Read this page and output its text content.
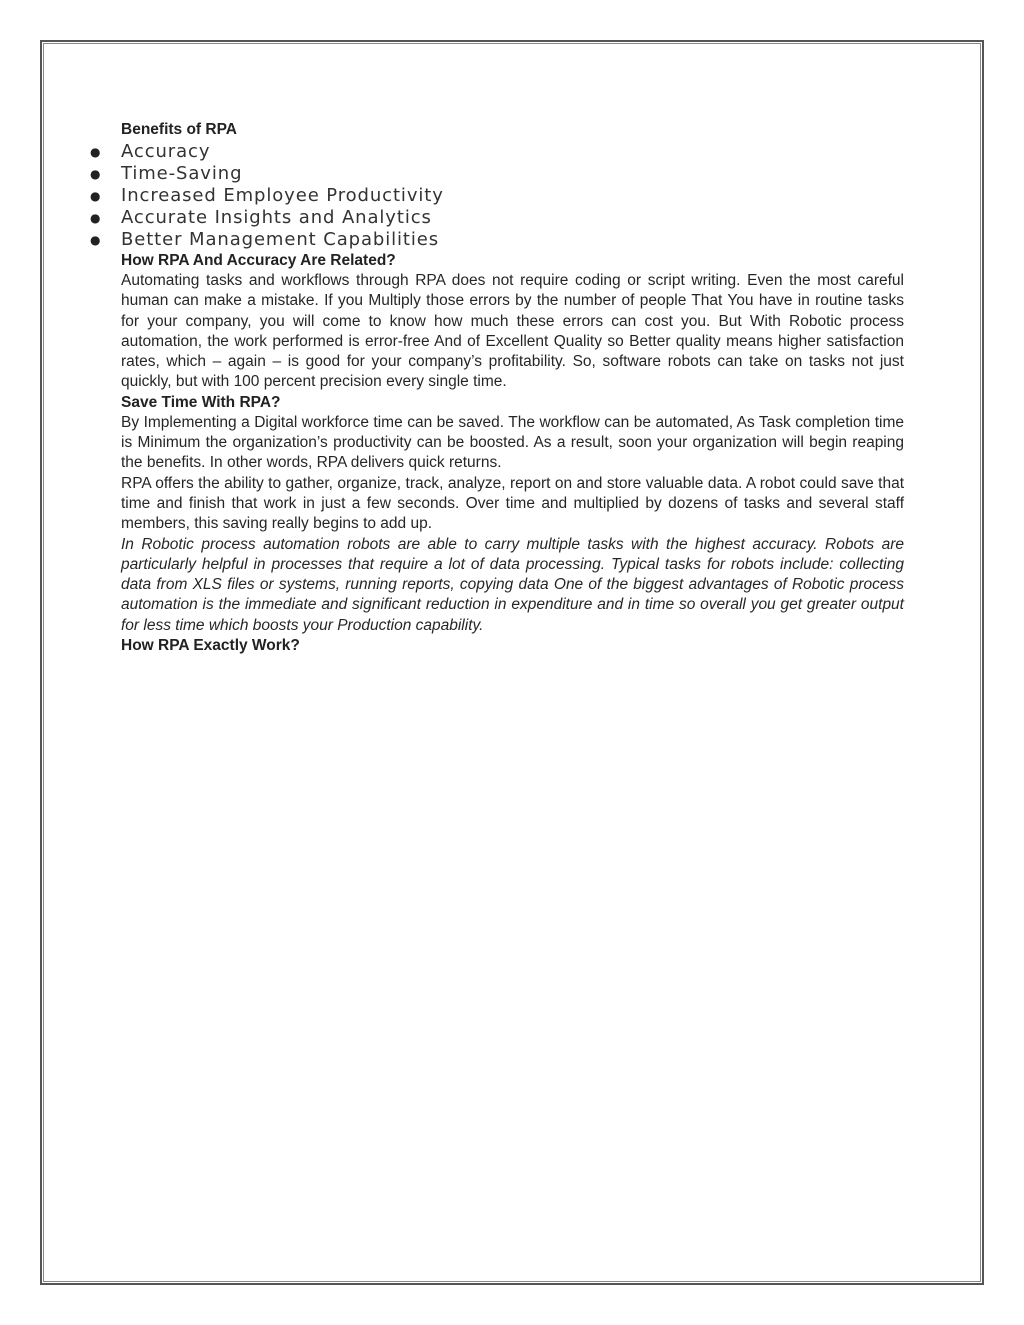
Benefits of RPA
● Accuracy
● Time-Saving
● Increased Employee Productivity
● Accurate Insights and Analytics
● Better Management Capabilities
How RPA And Accuracy Are Related?

Automating tasks and workflows through RPA does not require coding or script writing. Even the most careful human can make a mistake. If you Multiply those errors by the number of people That You have in routine tasks for your company, you will come to know how much these errors can cost you. But With Robotic process automation, the work performed is error-free And of Excellent Quality so Better quality means higher satisfaction rates, which – again – is good for your company’s profitability. So, software robots can take on tasks not just quickly, but with 100 percent precision every single time.

Save Time With RPA?

By Implementing a Digital workforce time can be saved. The workflow can be automated, As Task completion time is Minimum the organization’s productivity can be boosted. As a result, soon your organization will begin reaping the benefits. In other words, RPA delivers quick returns.

RPA offers the ability to gather, organize, track, analyze, report on and store valuable data. A robot could save that time and finish that work in just a few seconds. Over time and multiplied by dozens of tasks and several staff members, this saving really begins to add up.

In Robotic process automation robots are able to carry multiple tasks with the highest accuracy. Robots are particularly helpful in processes that require a lot of data processing. Typical tasks for robots include: collecting data from XLS files or systems, running reports, copying data One of the biggest advantages of Robotic process automation is the immediate and significant reduction in expenditure and in time so overall you get greater output for less time which boosts your Production capability.

How RPA Exactly Work?
